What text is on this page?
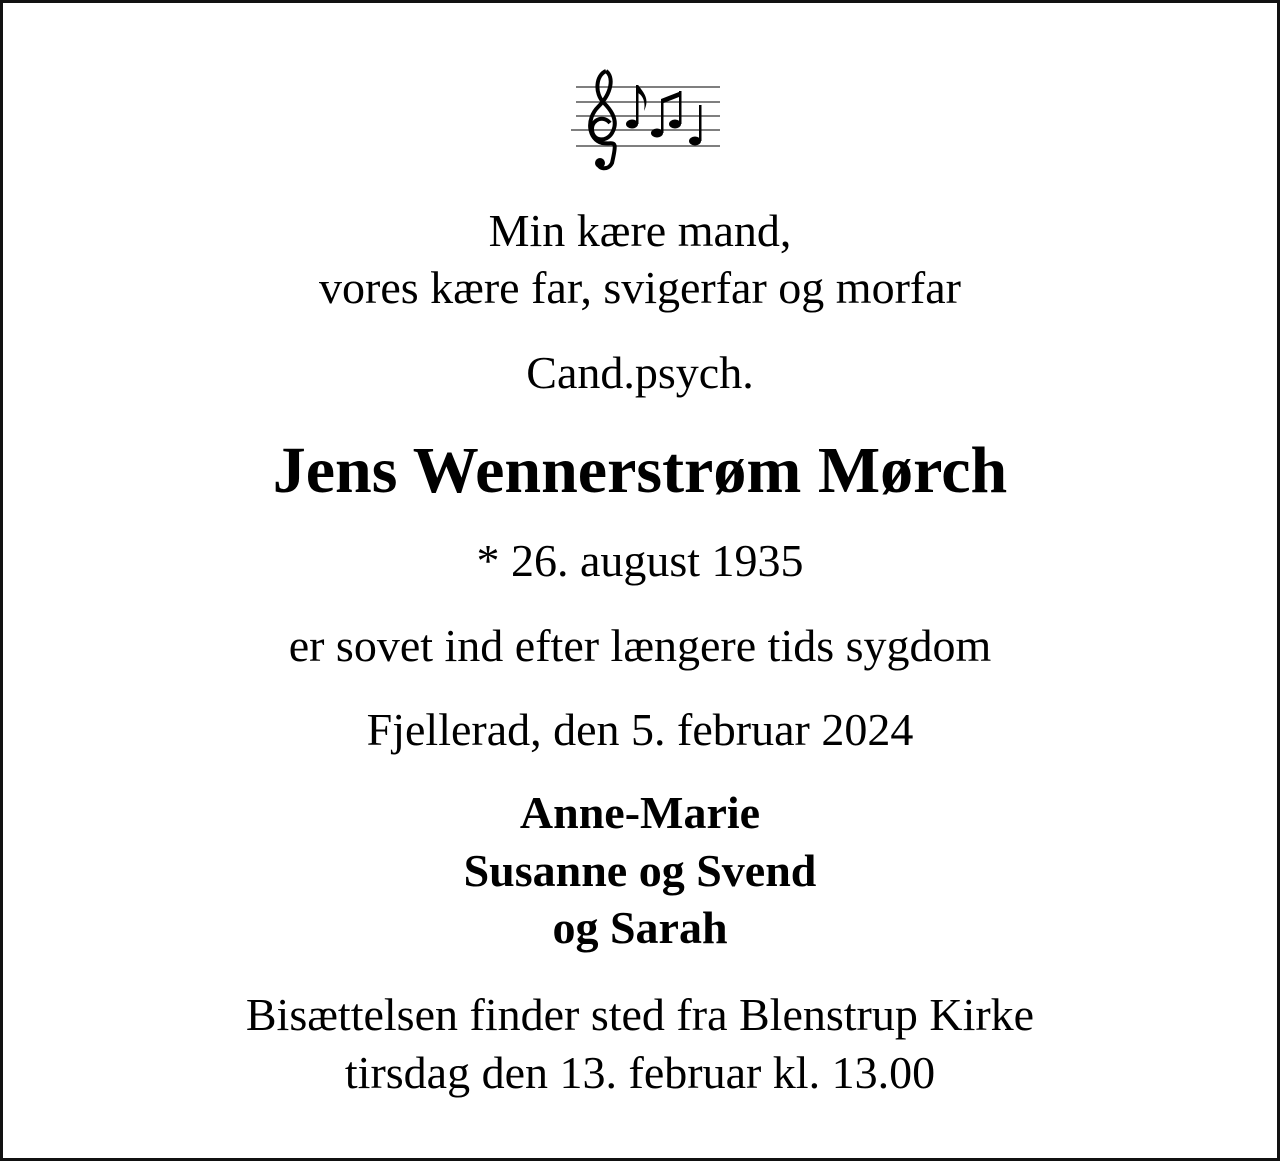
Min kære mand,
vores kære far, svigerfar og morfar
Cand.psych.
Jens Wennerstrøm Mørch
* 26. august 1935
er sovet ind efter længere tids sygdom
Fjellerad, den 5. februar 2024
Anne-Marie
Susanne og Svend
og Sarah
Bisættelsen finder sted fra Blenstrup Kirke
tirsdag den 13. februar kl. 13.00
